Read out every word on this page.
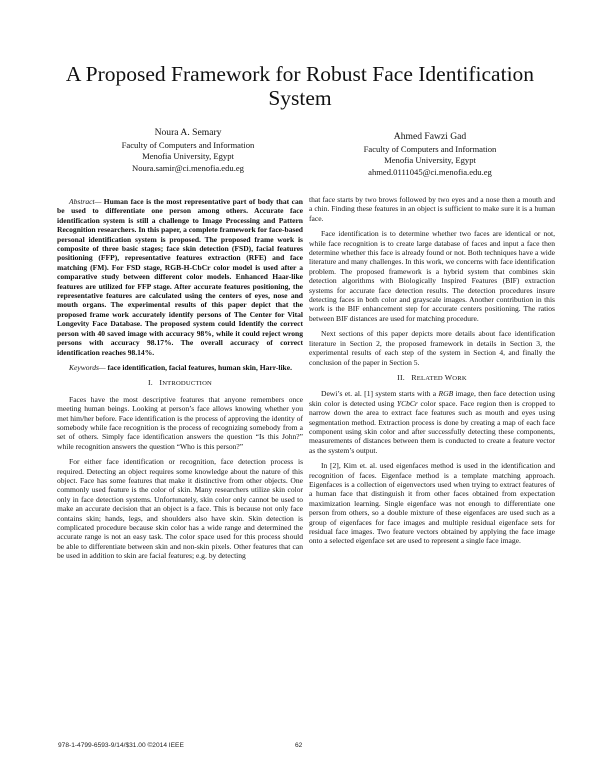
A Proposed Framework for Robust Face Identification System
Noura A. Semary
Faculty of Computers and Information
Menofia University, Egypt
Noura.samir@ci.menofia.edu.eg
Ahmed Fawzi Gad
Faculty of Computers and Information
Menofia University, Egypt
ahmed.0111045@ci.menofia.edu.eg

Abstract— Human face is the most representative part of body that can be used to differentiate one person among others. Accurate face identification system is still a challenge to Image Processing and Pattern Recognition researchers. In this paper, a complete framework for face-based personal identification system is proposed. The proposed frame work is composite of three basic stages; face skin detection (FSD), facial features positioning (FFP), representative features extraction (RFE) and face matching (FM). For FSD stage, RGB-H-CbCr color model is used after a comparative study between different color models. Enhanced Haar-like features are utilized for FFP stage. After accurate features positioning, the representative features are calculated using the centers of eyes, nose and mouth organs. The experimental results of this paper depict that the proposed frame work accurately identify persons of The Center for Vital Longevity Face Database. The proposed system could Identify the correct person with 40 saved image with accuracy 98%, while it could reject wrong persons with accuracy 98.17%. The overall accuracy of correct identification reaches 98.14%.

Keywords— face identification, facial features, human skin, Harr-like.

I. INTRODUCTION

Faces have the most descriptive features that anyone remembers once meeting human beings. Looking at person’s face allows knowing whether you met him/her before. Face identification is the process of approving the identity of somebody while face recognition is the process of recognizing somebody from a set of others. Simply face identification answers the question “Is this John?” while recognition answers the question “Who is this person?”

For either face identification or recognition, face detection process is required. Detecting an object requires some knowledge about the nature of this object. Face has some features that make it distinctive from other objects. One commonly used feature is the color of skin. Many researchers utilize skin color only in face detection systems. Unfortunately, skin color only cannot be used to make an accurate decision that an object is a face. This is because not only face contains skin; hands, legs, and shoulders also have skin. Skin detection is complicated procedure because skin color has a wide range and determined the accurate range is not an easy task. The color space used for this process should be able to differentiate between skin and non-skin pixels. Other features that can be used in addition to skin are facial features; e.g. by detecting

that face starts by two brows followed by two eyes and a nose then a mouth and a chin. Finding these features in an object is sufficient to make sure it is a human face.

Face identification is to determine whether two faces are identical or not, while face recognition is to create large database of faces and input a face then determine whether this face is already found or not. Both techniques have a wide literature and many challenges. In this work, we concerns with face identification problem. The proposed framework is a hybrid system that combines skin detection algorithms with Biologically Inspired Features (BIF) extraction systems for accurate face detection results. The detection procedures insure detecting faces in both color and grayscale images. Another contribution in this work is the BIF enhancement step for accurate centers positioning. The ratios between BIF distances are used for matching procedure.

Next sections of this paper depicts more details about face identification literature in Section 2, the proposed framework in details in Section 3, the experimental results of each step of the system in Section 4, and finally the conclusion of the paper in Section 5.

II. RELATED WORK

Dewi’s et. al. [1] system starts with a RGB image, then face detection using skin color is detected using YCbCr color space. Face region then is cropped to narrow down the area to extract face features such as mouth and eyes using segmentation method. Extraction process is done by creating a map of each face component using skin color and after successfully detecting these components, measurements of distances between them is conducted to create a feature vector as the system’s output.

In [2], Kim et. al. used eigenfaces method is used in the identification and recognition of faces. Eigenface method is a template matching approach. Eigenfaces is a collection of eigenvectors used when trying to extract features of a human face that distinguish it from other faces obtained from expectation maximization learning. Single eigenface was not enough to differentiate one person from others, so a double mixture of these eigenfaces are used such as a group of eigenfaces for face images and multiple residual eigenface sets for residual face images. Two feature vectors obtained by applying the face image onto a selected eigenface set are used to represent a single face image.

978-1-4799-6593-9/14/$31.00 ©2014 IEEE	62
